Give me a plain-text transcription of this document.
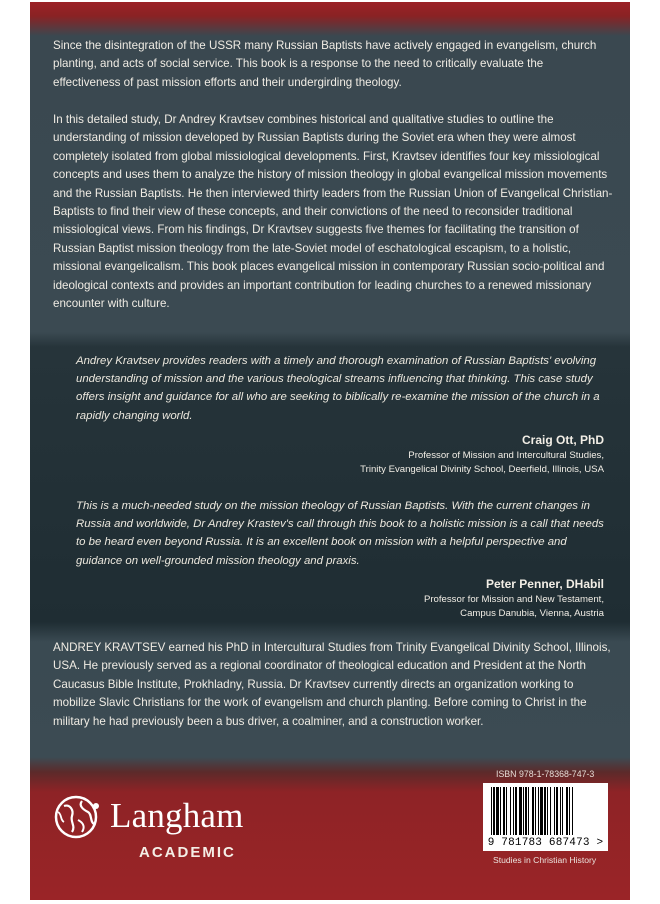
Since the disintegration of the USSR many Russian Baptists have actively engaged in evangelism, church planting, and acts of social service. This book is a response to the need to critically evaluate the effectiveness of past mission efforts and their undergirding theology.

In this detailed study, Dr Andrey Kravtsev combines historical and qualitative studies to outline the understanding of mission developed by Russian Baptists during the Soviet era when they were almost completely isolated from global missiological developments. First, Kravtsev identifies four key missiological concepts and uses them to analyze the history of mission theology in global evangelical mission movements and the Russian Baptists. He then interviewed thirty leaders from the Russian Union of Evangelical Christian-Baptists to find their view of these concepts, and their convictions of the need to reconsider traditional missiological views. From his findings, Dr Kravtsev suggests five themes for facilitating the transition of Russian Baptist mission theology from the late-Soviet model of eschatological escapism, to a holistic, missional evangelicalism. This book places evangelical mission in contemporary Russian socio-political and ideological contexts and provides an important contribution for leading churches to a renewed missionary encounter with culture.

Andrey Kravtsev provides readers with a timely and thorough examination of Russian Baptists' evolving understanding of mission and the various theological streams influencing that thinking. This case study offers insight and guidance for all who are seeking to biblically re-examine the mission of the church in a rapidly changing world.
Craig Ott, PhD
Professor of Mission and Intercultural Studies,
Trinity Evangelical Divinity School, Deerfield, Illinois, USA
This is a much-needed study on the mission theology of Russian Baptists. With the current changes in Russia and worldwide, Dr Andrey Krastev's call through this book to a holistic mission is a call that needs to be heard even beyond Russia. It is an excellent book on mission with a helpful perspective and guidance on well-grounded mission theology and praxis.
Peter Penner, DHabil
Professor for Mission and New Testament,
Campus Danubia, Vienna, Austria
ANDREY KRAVTSEV earned his PhD in Intercultural Studies from Trinity Evangelical Divinity School, Illinois, USA. He previously served as a regional coordinator of theological education and President at the North Caucasus Bible Institute, Prokhladny, Russia. Dr Kravtsev currently directs an organization working to mobilize Slavic Christians for the work of evangelism and church planting. Before coming to Christ in the military he had previously been a bus driver, a coalminer, and a construction worker.
Langham
ACADEMIC
ISBN 978-1-78368-747-3
9 781783 687473 >
Studies in Christian History
